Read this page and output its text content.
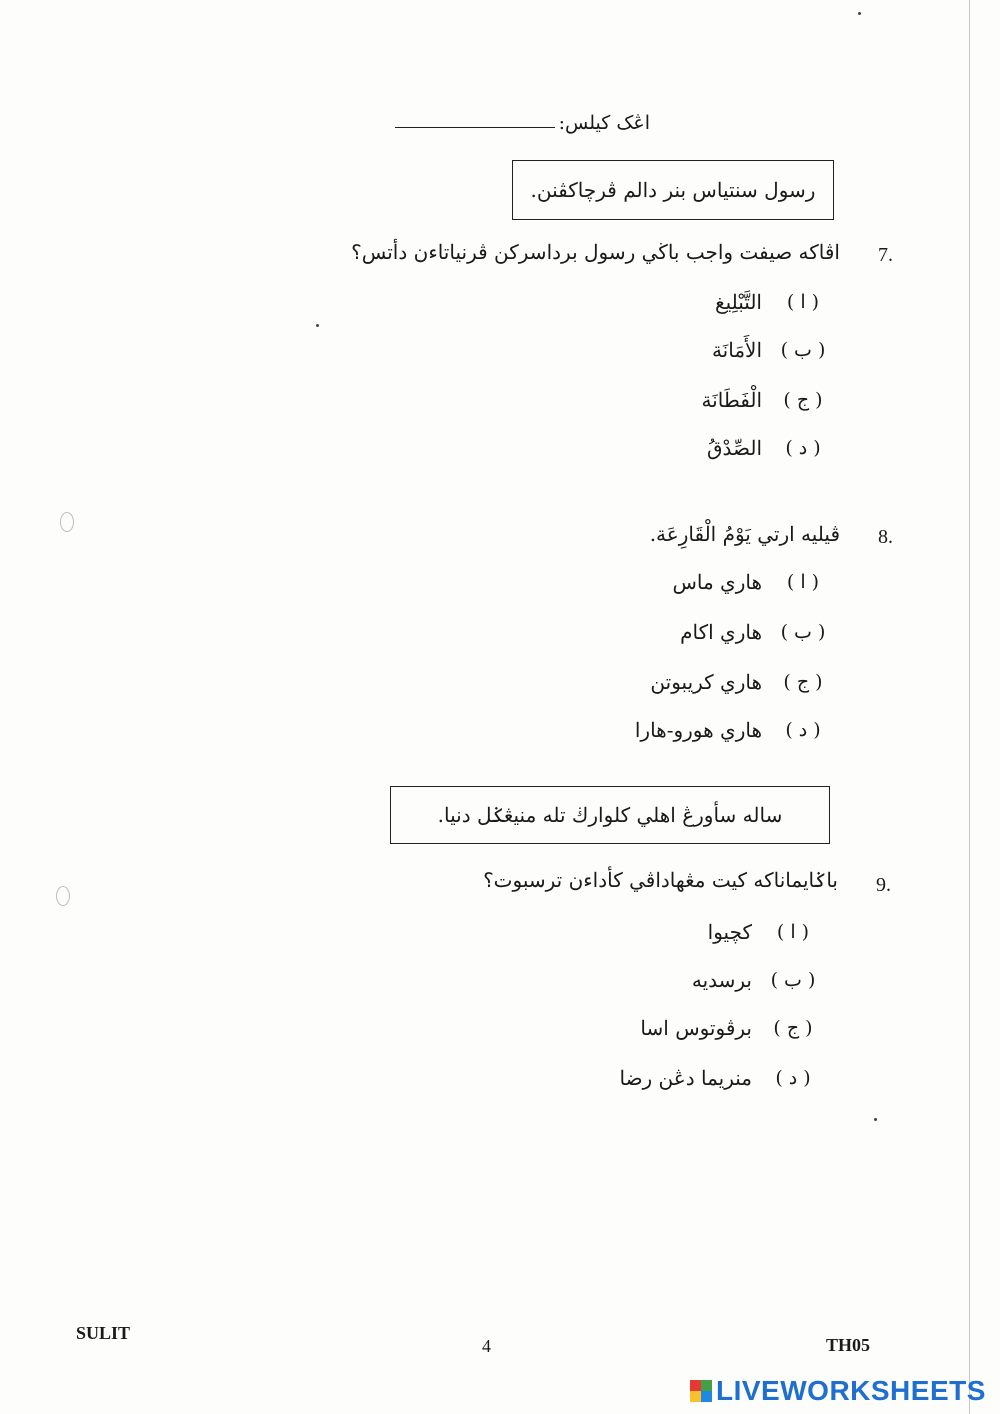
اڠک کيلس:
رسول سنتياس بنر دالم ڤرچاکڤنن.
7.
اڤاکه صيفت واجب باڬي رسول برداسرکن ڤرنياتاءن دأتس؟
( ا )
التَّبْلِيغ
( ب )
الأَمَانَة
( ج )
الْفَطَانَة
( د )
الصِّدْقُ
8.
ڤيليه ارتي يَوْمُ الْقَارِعَة.
( ا )
هاري ماس
( ب )
هاري اکام
( ج )
هاري کريبوتن
( د )
هاري هورو-هارا
ساله سأورڠ اهلي کلوارڬ تله منيڠݢل دنيا.
9.
باݢايماناکه کيت مڠهاداڤي کأداءن ترسبوت؟
( ا )
کچيوا
( ب )
برسديه
( ج )
برڤوتوس اسا
( د )
منريما دڠن رضا
SULIT
4	TH05
LIVEWORKSHEETS
